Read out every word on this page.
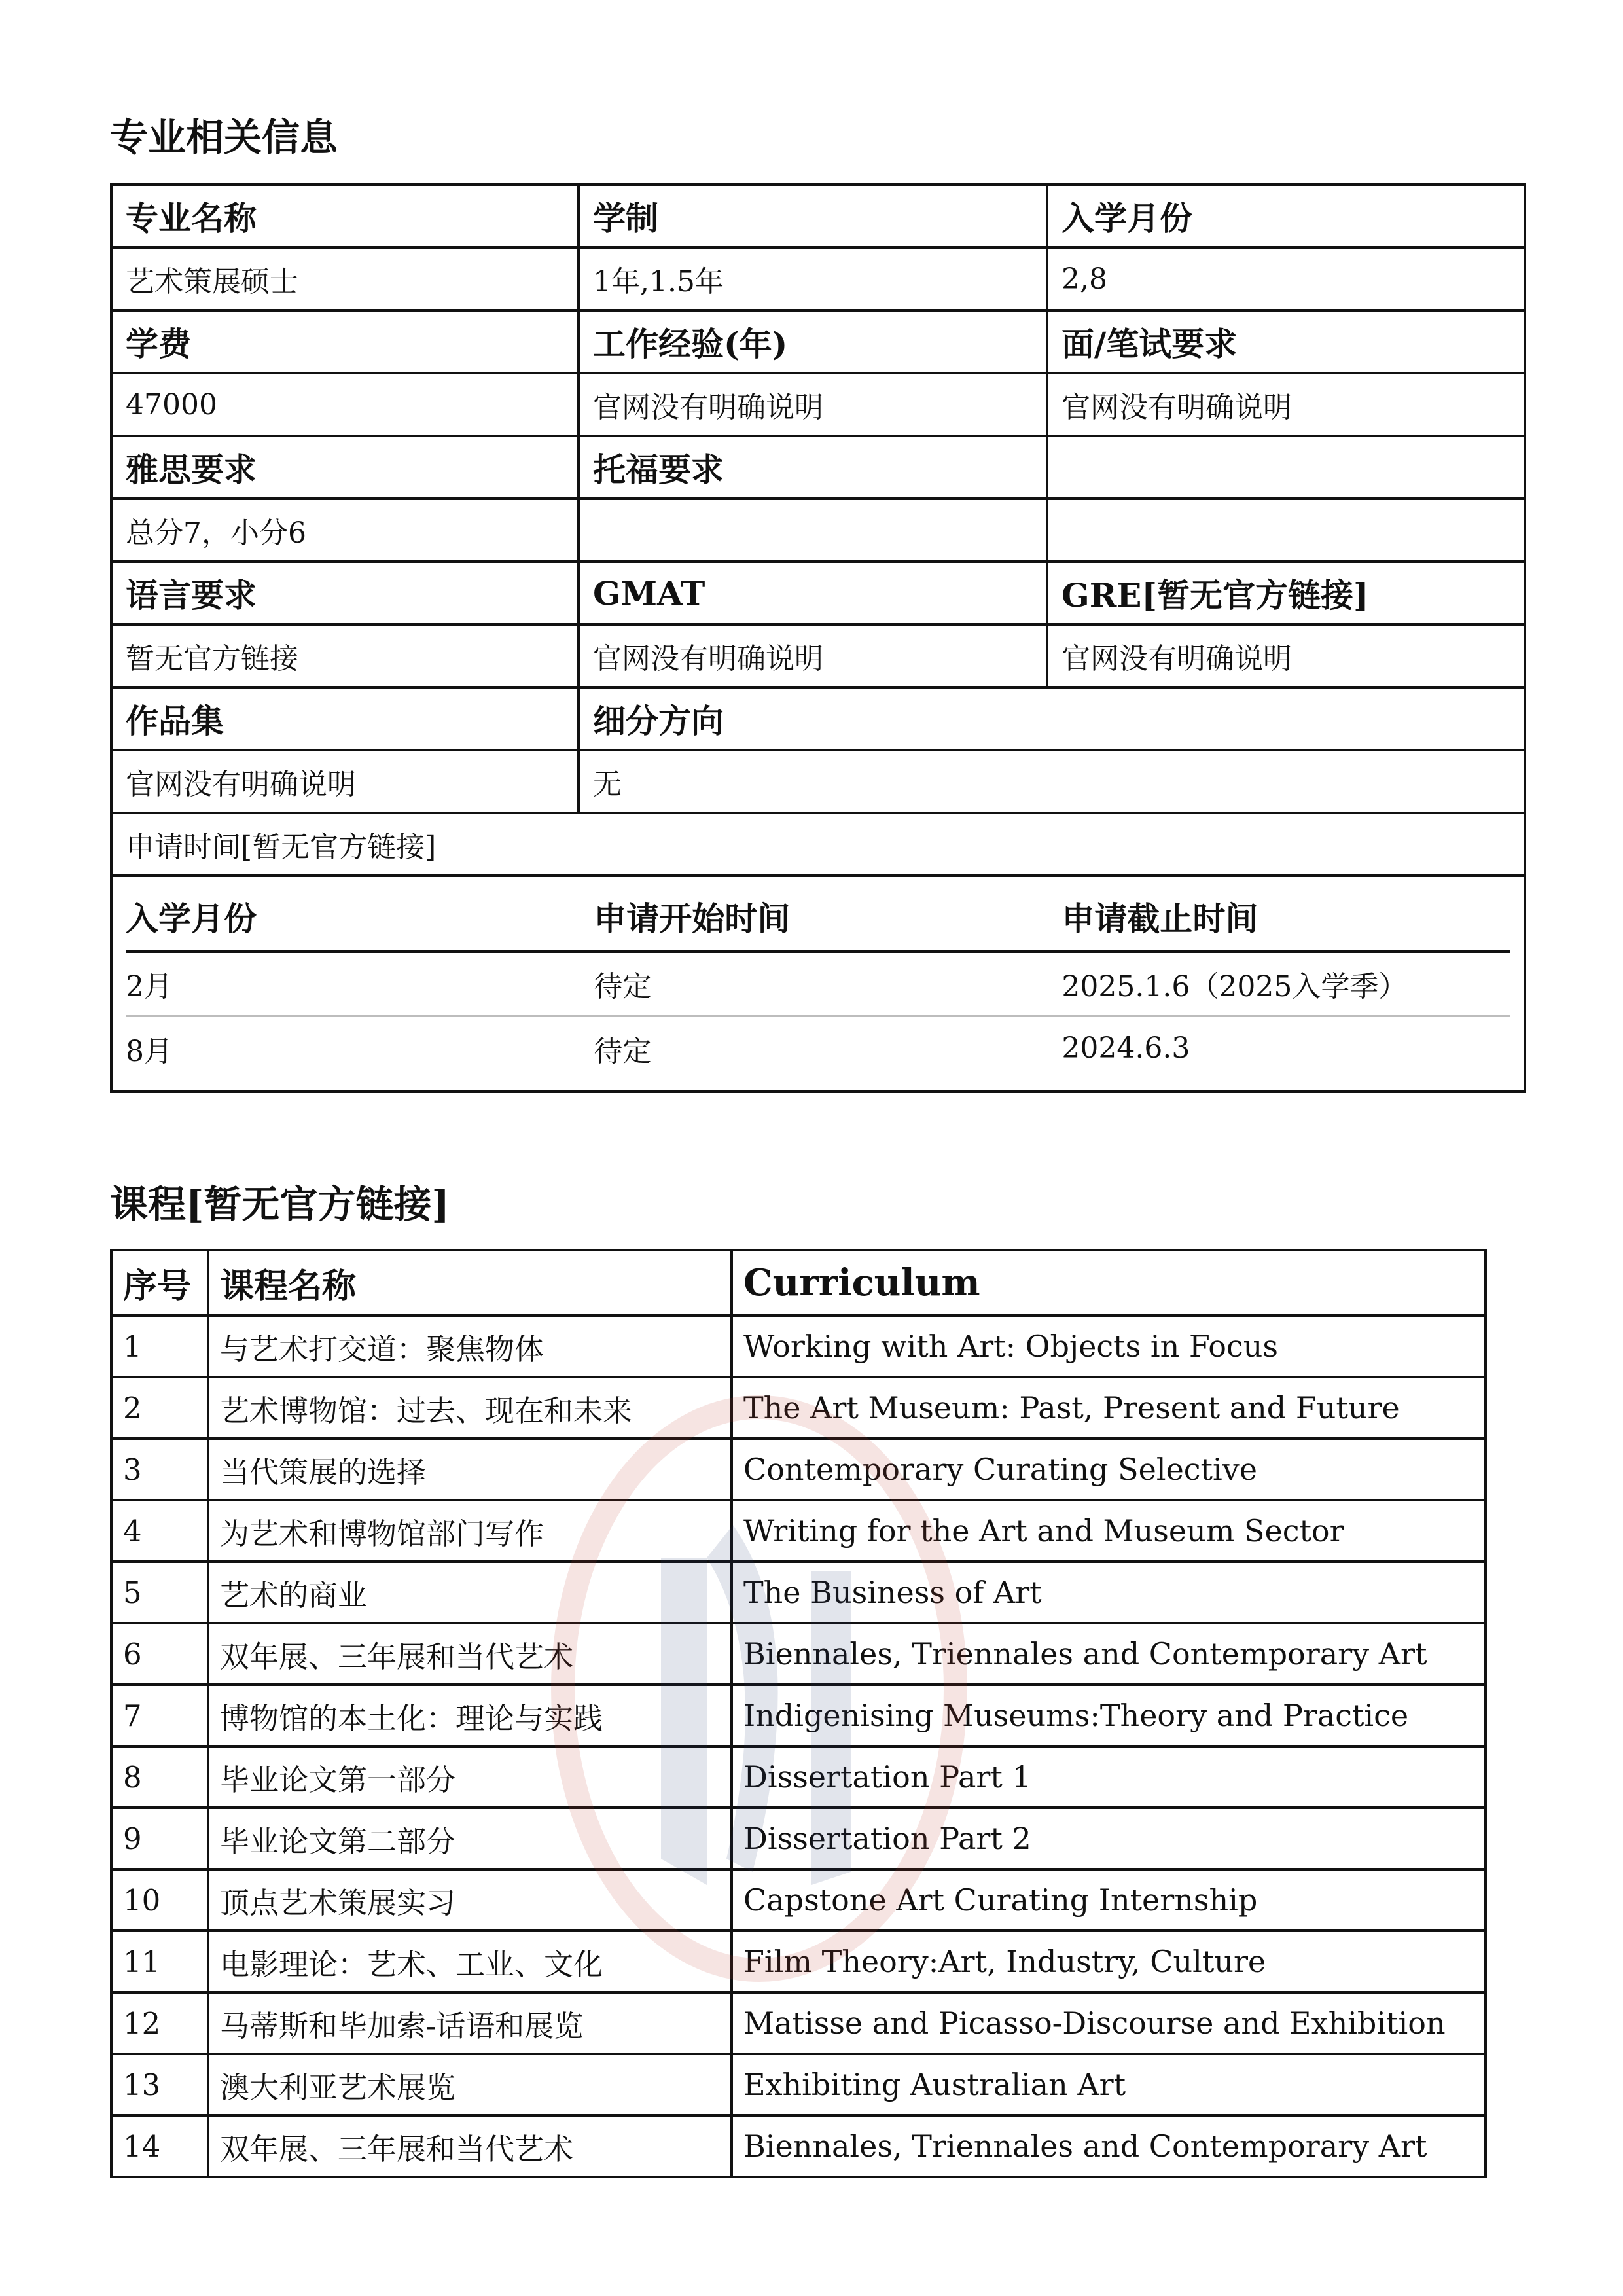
专业相关信息
专业名称	学制	入学月份
艺术策展硕士	1年,1.5年	2,8
学费	工作经验(年)	面/笔试要求
47000	官网没有明确说明	官网没有明确说明
雅思要求	托福要求	
总分7，小分6		
语言要求	GMAT	GRE[暂无官方链接]
暂无官方链接	官网没有明确说明	官网没有明确说明
作品集	细分方向
官网没有明确说明	无
申请时间[暂无官方链接]

入学月份	申请开始时间	申请截止时间
2月	待定	2025.1.6（2025入学季）
8月	待定	2024.6.3
课程[暂无官方链接]
序号	课程名称	Curriculum
1	与艺术打交道：聚焦物体	Working with Art: Objects in Focus
2	艺术博物馆：过去、现在和未来	The Art Museum: Past, Present and Future
3	当代策展的选择	Contemporary Curating Selective
4	为艺术和博物馆部门写作	Writing for the Art and Museum Sector
5	艺术的商业	The Business of Art
6	双年展、三年展和当代艺术	Biennales, Triennales and Contemporary Art
7	博物馆的本土化：理论与实践	Indigenising Museums:Theory and Practice
8	毕业论文第一部分	Dissertation Part 1
9	毕业论文第二部分	Dissertation Part 2
10	顶点艺术策展实习	Capstone Art Curating Internship
11	电影理论：艺术、工业、文化	Film Theory:Art, Industry, Culture
12	马蒂斯和毕加索-话语和展览	Matisse and Picasso-Discourse and Exhibition
13	澳大利亚艺术展览	Exhibiting Australian Art
14	双年展、三年展和当代艺术	Biennales, Triennales and Contemporary Art
